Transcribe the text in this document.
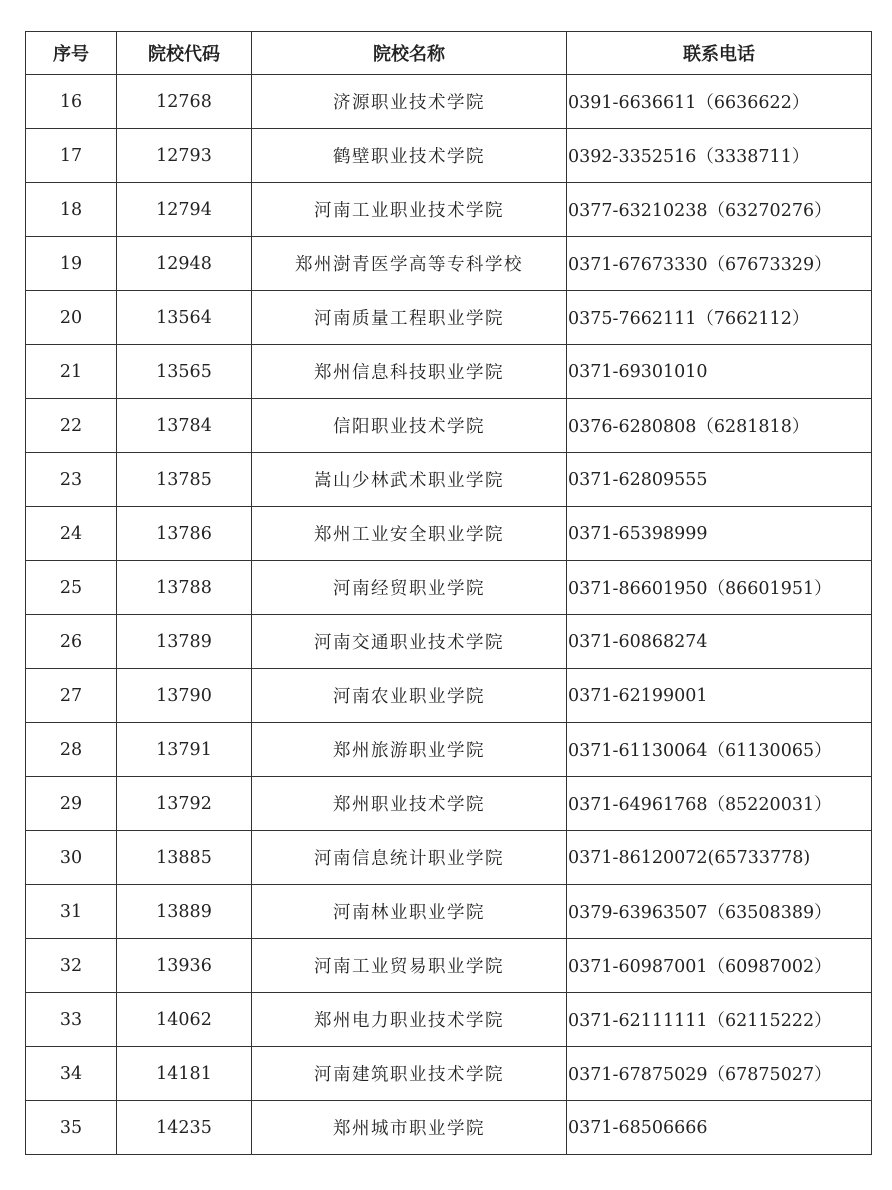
序号	院校代码	院校名称	联系电话
16	12768	济源职业技术学院	0391-6636611（6636622）
17	12793	鹤壁职业技术学院	0392-3352516（3338711）
18	12794	河南工业职业技术学院	0377-63210238（63270276）
19	12948	郑州澍青医学高等专科学校	0371-67673330（67673329）
20	13564	河南质量工程职业学院	0375-7662111（7662112）
21	13565	郑州信息科技职业学院	0371-69301010
22	13784	信阳职业技术学院	0376-6280808（6281818）
23	13785	嵩山少林武术职业学院	0371-62809555
24	13786	郑州工业安全职业学院	0371-65398999
25	13788	河南经贸职业学院	0371-86601950（86601951）
26	13789	河南交通职业技术学院	0371-60868274
27	13790	河南农业职业学院	0371-62199001
28	13791	郑州旅游职业学院	0371-61130064（61130065）
29	13792	郑州职业技术学院	0371-64961768（85220031）
30	13885	河南信息统计职业学院	0371-86120072(65733778)
31	13889	河南林业职业学院	0379-63963507（63508389）
32	13936	河南工业贸易职业学院	0371-60987001（60987002）
33	14062	郑州电力职业技术学院	0371-62111111（62115222）
34	14181	河南建筑职业技术学院	0371-67875029（67875027）
35	14235	郑州城市职业学院	0371-68506666
